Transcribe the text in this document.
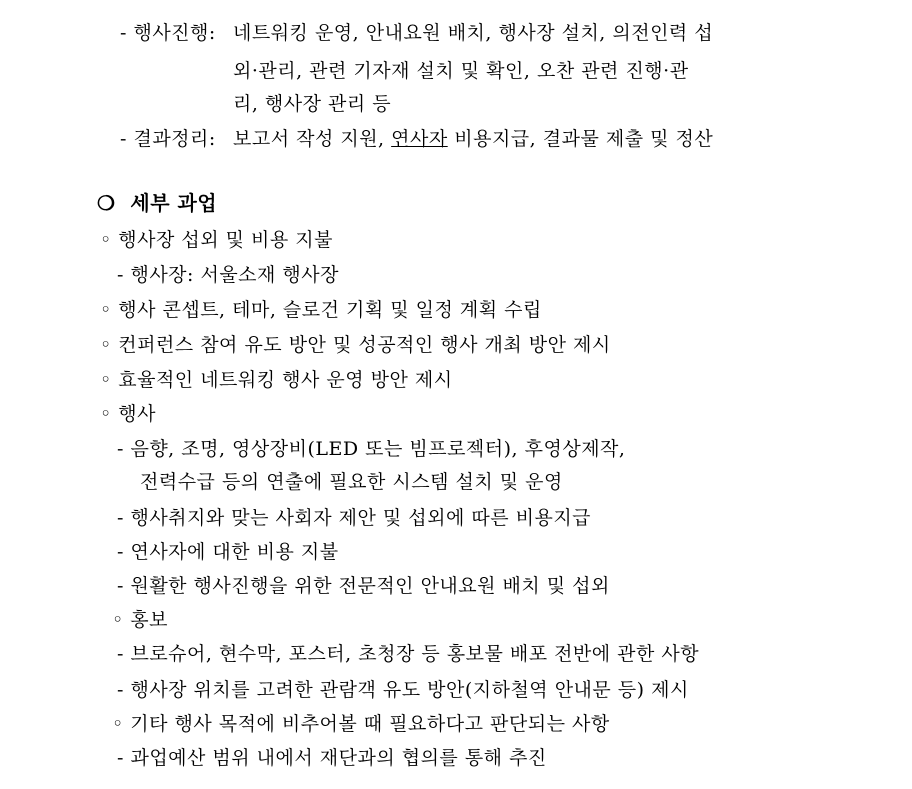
- 행사진행: 네트워킹 운영, 안내요원 배치, 행사장 설치, 의전인력 섭
외·관리, 관련 기자재 설치 및 확인, 오찬 관련 진행·관
리, 행사장 관리 등
- 결과정리: 보고서 작성 지원, 연사자 비용지급, 결과물 제출 및 정산
❍ 세부 과업
◦ 행사장 섭외 및 비용 지불
- 행사장: 서울소재 행사장
◦ 행사 콘셉트, 테마, 슬로건 기획 및 일정 계획 수립
◦ 컨퍼런스 참여 유도 방안 및 성공적인 행사 개최 방안 제시
◦ 효율적인 네트워킹 행사 운영 방안 제시
◦ 행사
- 음향, 조명, 영상장비(LED 또는 빔프로젝터), 후영상제작,
전력수급 등의 연출에 필요한 시스템 설치 및 운영
- 행사취지와 맞는 사회자 제안 및 섭외에 따른 비용지급
- 연사자에 대한 비용 지불
- 원활한 행사진행을 위한 전문적인 안내요원 배치 및 섭외
◦ 홍보
- 브로슈어, 현수막, 포스터, 초청장 등 홍보물 배포 전반에 관한 사항
- 행사장 위치를 고려한 관람객 유도 방안(지하철역 안내문 등) 제시
◦ 기타 행사 목적에 비추어볼 때 필요하다고 판단되는 사항
- 과업예산 범위 내에서 재단과의 협의를 통해 추진
